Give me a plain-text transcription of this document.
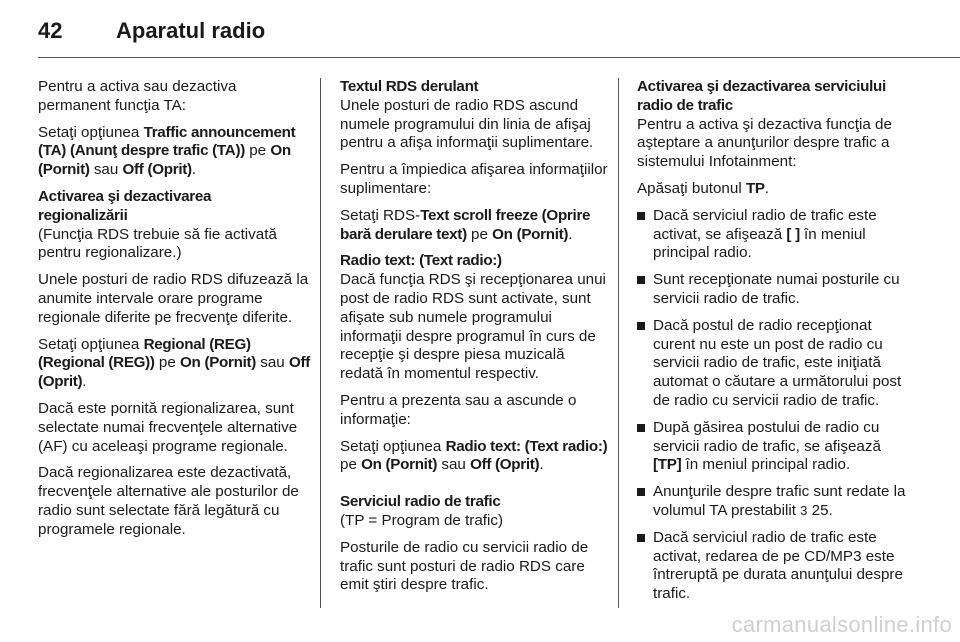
42 Aparatul radio

Pentru a activa sau dezactiva permanent funcţia TA:

Setaţi opţiunea Traffic announcement (TA) (Anunţ despre trafic (TA)) pe On (Pornit) sau Off (Oprit).

Activarea şi dezactivarea
regionalizării

(Funcţia RDS trebuie să fie activată pentru regionalizare.)

Unele posturi de radio RDS difuzează la anumite intervale orare programe regionale diferite pe frecvenţe diferite.

Setaţi opţiunea Regional (REG) (Regional (REG)) pe On (Pornit) sau Off (Oprit).

Dacă este pornită regionalizarea, sunt selectate numai frecvenţele alternative (AF) cu aceleaşi programe regionale.

Dacă regionalizarea este dezactivată, frecvenţele alternative ale posturilor de radio sunt selectate fără legătură cu programele regionale.

Textul RDS derulant

Unele posturi de radio RDS ascund numele programului din linia de afişaj pentru a afişa informaţii suplimentare.

Pentru a împiedica afişarea informaţiilor suplimentare:

Setaţi RDS-Text scroll freeze (Oprire bară derulare text) pe On (Pornit).

Radio text: (Text radio:)

Dacă funcţia RDS şi recepţionarea unui post de radio RDS sunt activate, sunt afişate sub numele programului informaţii despre programul în curs de recepţie şi despre piesa muzicală redată în momentul respectiv.

Pentru a prezenta sau a ascunde o informaţie:

Setaţi opţiunea Radio text: (Text radio:) pe On (Pornit) sau Off (Oprit).

Serviciul radio de trafic

(TP = Program de trafic)

Posturile de radio cu servicii radio de trafic sunt posturi de radio RDS care emit ştiri despre trafic.

Activarea şi dezactivarea serviciului radio de trafic

Pentru a activa şi dezactiva funcţia de aşteptare a anunţurilor despre trafic a sistemului Infotainment:

Apăsaţi butonul TP.

Dacă serviciul radio de trafic este activat, se afişează [ ] în meniul principal radio.
Sunt recepţionate numai posturile cu servicii radio de trafic.
Dacă postul de radio recepţionat curent nu este un post de radio cu servicii radio de trafic, este iniţiată automat o căutare a următorului post de radio cu servicii radio de trafic.
După găsirea postului de radio cu servicii radio de trafic, se afişează [TP] în meniul principal radio.
Anunţurile despre trafic sunt redate la volumul TA prestabilit 3 25.
Dacă serviciul radio de trafic este activat, redarea de pe CD/MP3 este întreruptă pe durata anunţului despre trafic.
carmanualsonline.info
